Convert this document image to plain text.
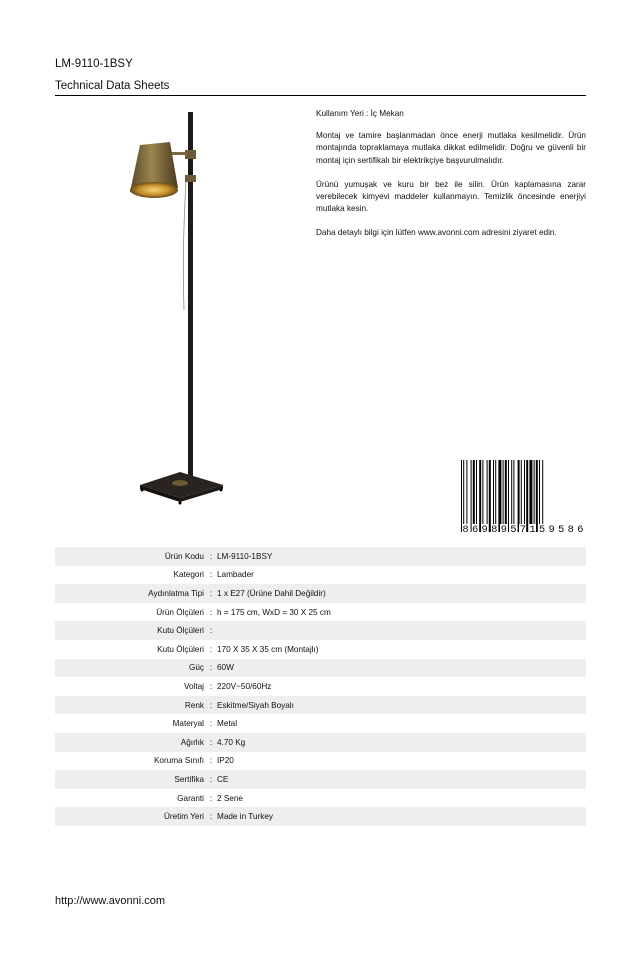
LM-9110-1BSY
Technical Data Sheets

Kullanım Yeri : İç Mekan

Montaj ve tamire başlanmadan önce enerji mutlaka kesilmelidir. Ürün montajında topraklamaya mutlaka dikkat edilmelidir. Doğru ve güvenli bir montaj için sertifikalı bir elektrikçiye başvurulmalıdır.

Ürünü yumuşak ve kuru bir bez ile silin. Ürün kaplamasına zarar verebilecek kimyevi maddeler kullanmayın. Temizlik öncesinde enerjiyi mutlaka kesin.

Daha detaylı bilgi için lütfen www.avonni.com adresini ziyaret edin.

8 6 9 8 9 5 7 1 5 9 5 8 6
Ürün Kodu : LM-9110-1BSY
Kategori : Lambader
Aydınlatma Tipi : 1 x E27 (Ürüne Dahil Değildir)
Ürün Ölçüleri : h = 175 cm, WxD = 30 X 25 cm
Kutu Ölçüleri :
Kutu Ölçüleri : 170 X 35 X 35 cm (Montajlı)
Güç : 60W
Voltaj : 220V~50/60Hz
Renk : Eskitme/Siyah Boyalı
Materyal : Metal
Ağırlık : 4.70 Kg
Koruma Sınıfı : IP20
Sertifika : CE
Garanti : 2 Sene
Üretim Yeri : Made in Turkey
http://www.avonni.com
